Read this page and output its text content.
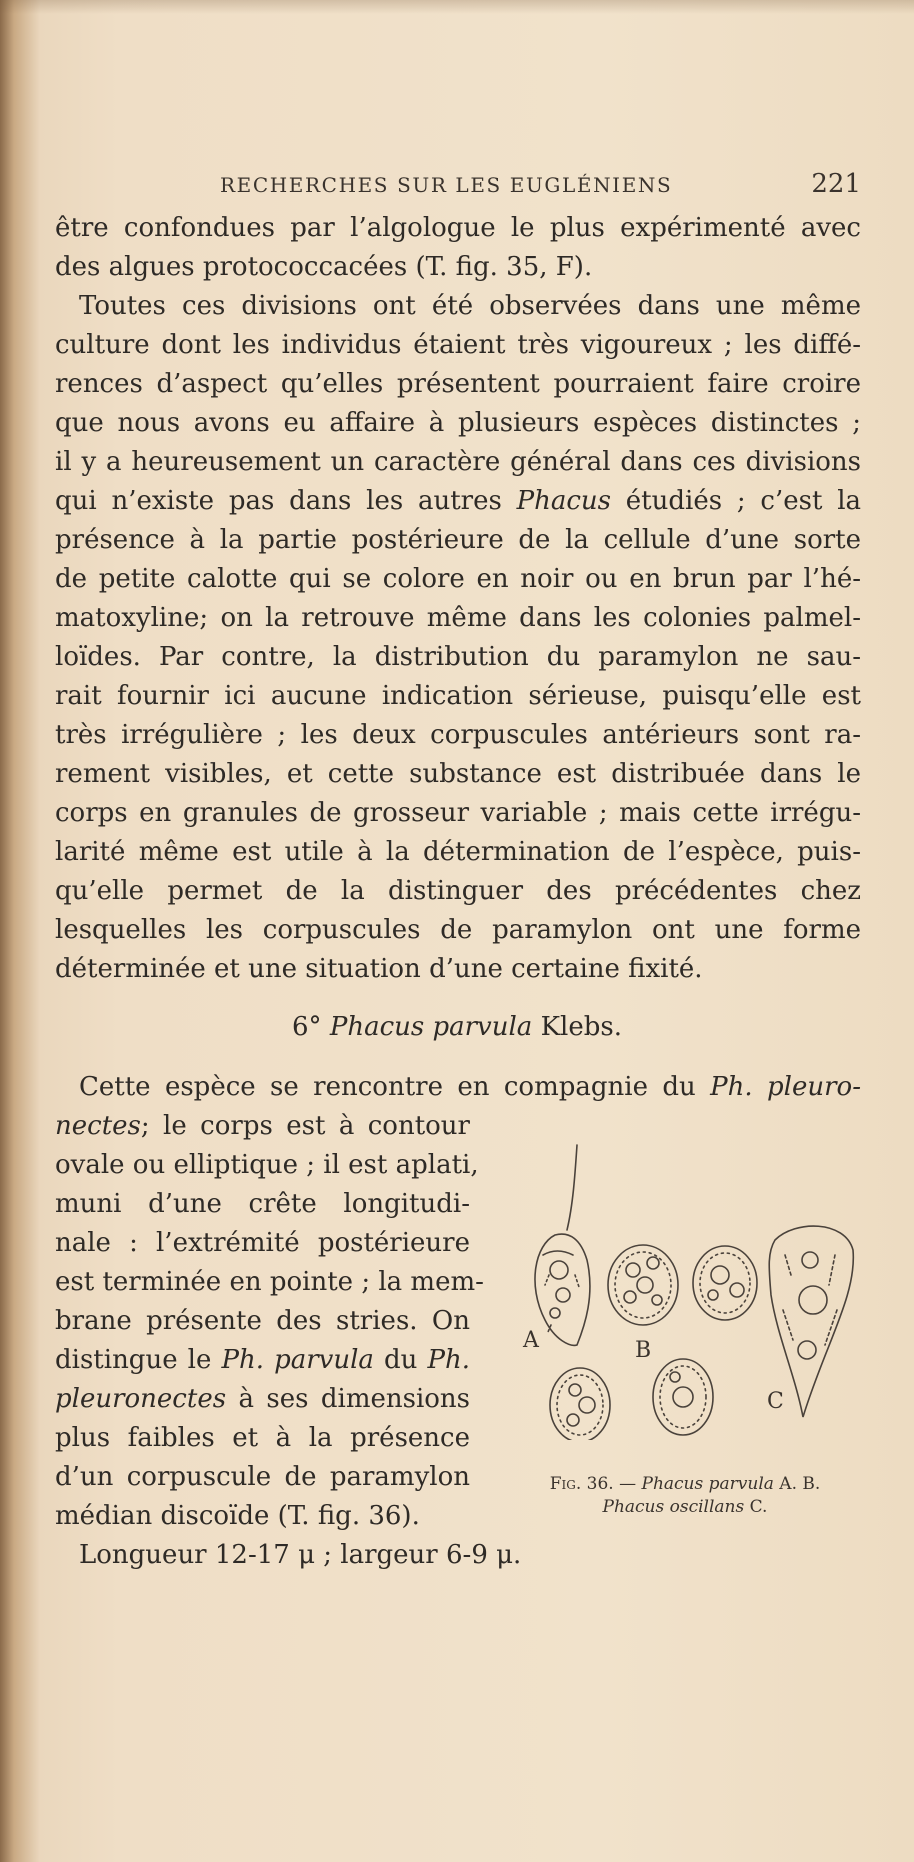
RECHERCHES SUR LES EUGLÉNIENS	221
être confondues par l’algologue le plus expérimenté avec
des algues protococcacées (T. fig. 35, F).
Toutes ces divisions ont été observées dans une même
culture dont les individus étaient très vigoureux ; les diffé-
rences d’aspect qu’elles présentent pourraient faire croire
que nous avons eu affaire à plusieurs espèces distinctes ;
il y a heureusement un caractère général dans ces divisions
qui n’existe pas dans les autres Phacus étudiés ; c’est la
présence à la partie postérieure de la cellule d’une sorte
de petite calotte qui se colore en noir ou en brun par l’hé-
matoxyline; on la retrouve même dans les colonies palmel-
loïdes. Par contre, la distribution du paramylon ne sau-
rait fournir ici aucune indication sérieuse, puisqu’elle est
très irrégulière ; les deux corpuscules antérieurs sont ra-
rement visibles, et cette substance est distribuée dans le
corps en granules de grosseur variable ; mais cette irrégu-
larité même est utile à la détermination de l’espèce, puis-
qu’elle permet de la distinguer des précédentes chez
lesquelles les corpuscules de paramylon ont une forme
déterminée et une situation d’une certaine fixité.
6° Phacus parvula Klebs.
Cette espèce se rencontre en compagnie du Ph. pleuro-
nectes; le corps est à contour
ovale ou elliptique ; il est aplati,
muni d’une crête longitudi-
nale : l’extrémité postérieure
est terminée en pointe ; la mem-
brane présente des stries. On
distingue le Ph. parvula du Ph.
pleuronectes à ses dimensions
plus faibles et à la présence
d’un corpuscule de paramylon
médian discoïde (T. fig. 36).
Longueur 12-17 μ ; largeur 6-9 μ.
A	B
C
Fig. 36. — Phacus parvula A. B.
Phacus oscillans C.
